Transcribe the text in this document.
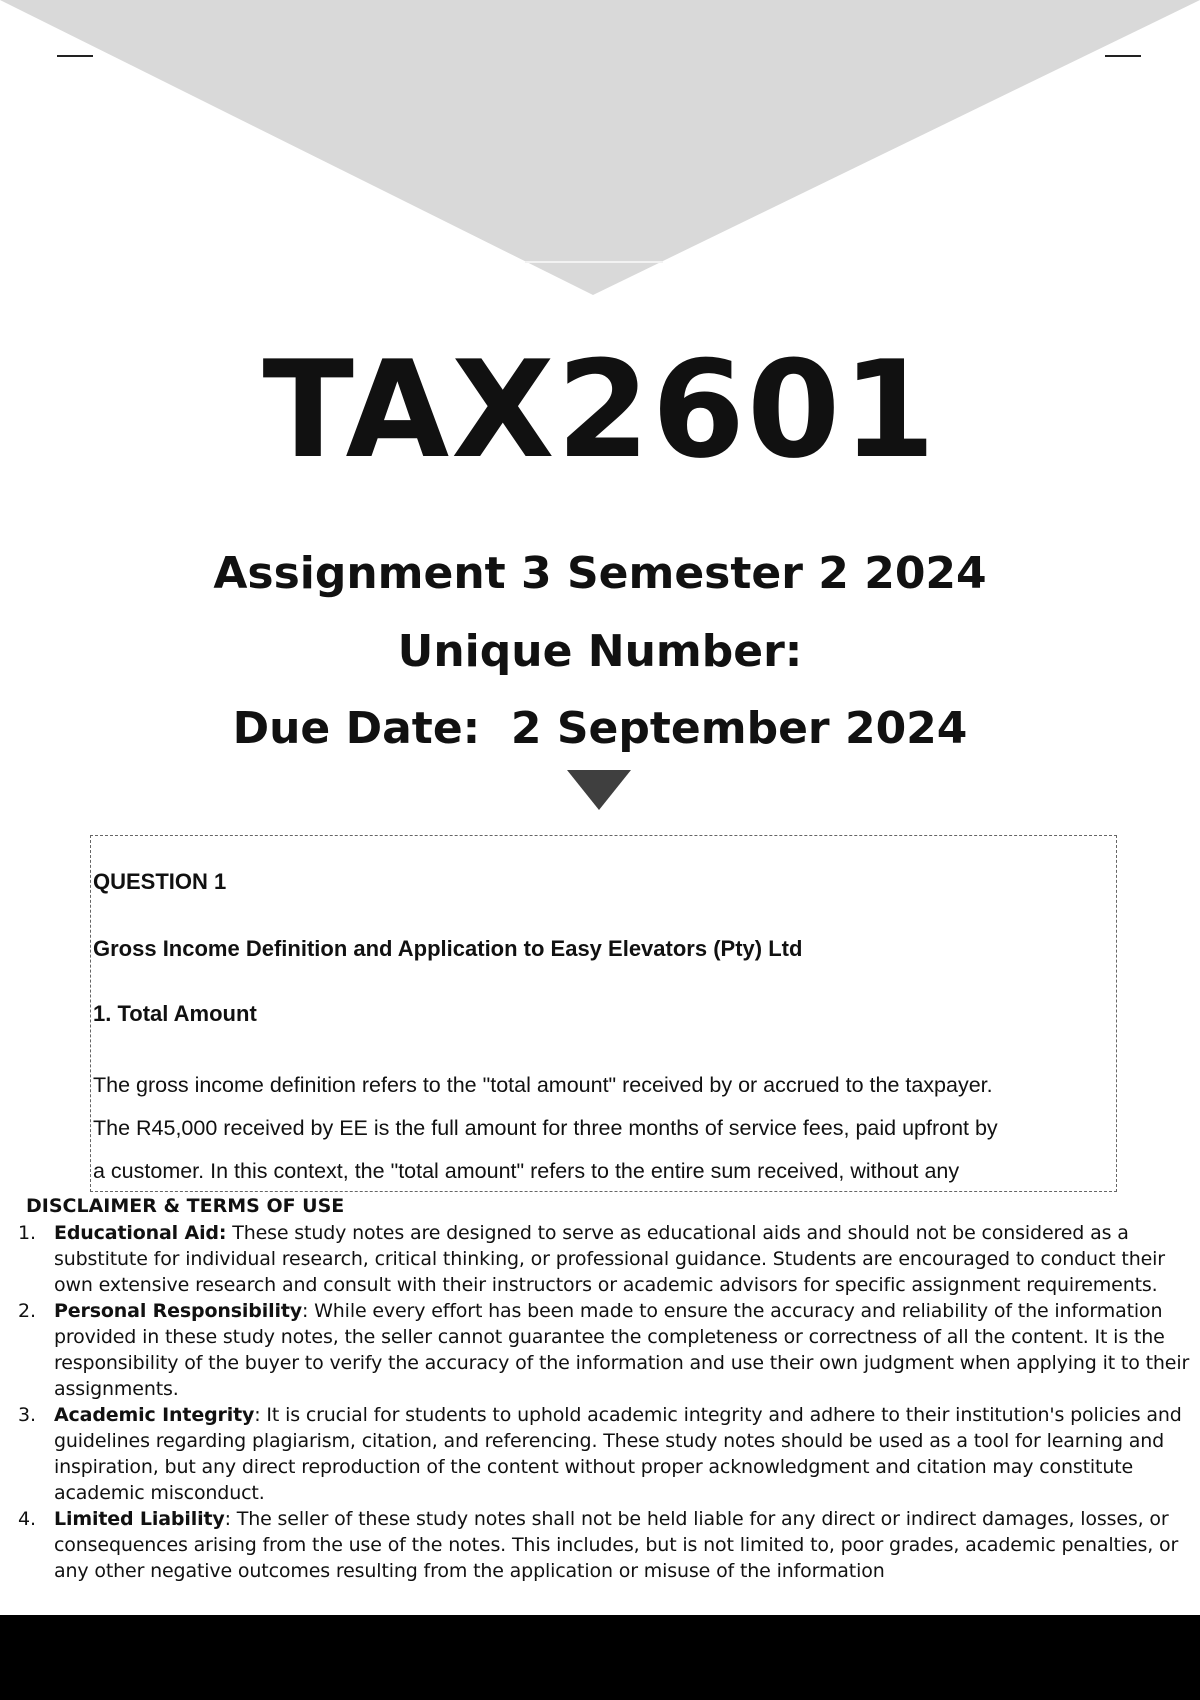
TAX2601
Assignment 3 Semester 2 2024
Unique Number:
Due Date:  2 September 2024
QUESTION 1
Gross Income Definition and Application to Easy Elevators (Pty) Ltd
1. Total Amount
The gross income definition refers to the "total amount" received by or accrued to the taxpayer.
The R45,000 received by EE is the full amount for three months of service fees, paid upfront by
a customer. In this context, the "total amount" refers to the entire sum received, without any
DISCLAIMER & TERMS OF USE
1. Educational Aid: These study notes are designed to serve as educational aids and should not be considered as a substitute for individual research, critical thinking, or professional guidance. Students are encouraged to conduct their own extensive research and consult with their instructors or academic advisors for specific assignment requirements.
2. Personal Responsibility: While every effort has been made to ensure the accuracy and reliability of the information provided in these study notes, the seller cannot guarantee the completeness or correctness of all the content. It is the responsibility of the buyer to verify the accuracy of the information and use their own judgment when applying it to their assignments.
3. Academic Integrity: It is crucial for students to uphold academic integrity and adhere to their institution's policies and guidelines regarding plagiarism, citation, and referencing. These study notes should be used as a tool for learning and inspiration, but any direct reproduction of the content without proper acknowledgment and citation may constitute academic misconduct.
4. Limited Liability: The seller of these study notes shall not be held liable for any direct or indirect damages, losses, or consequences arising from the use of the notes. This includes, but is not limited to, poor grades, academic penalties, or any other negative outcomes resulting from the application or misuse of the information
